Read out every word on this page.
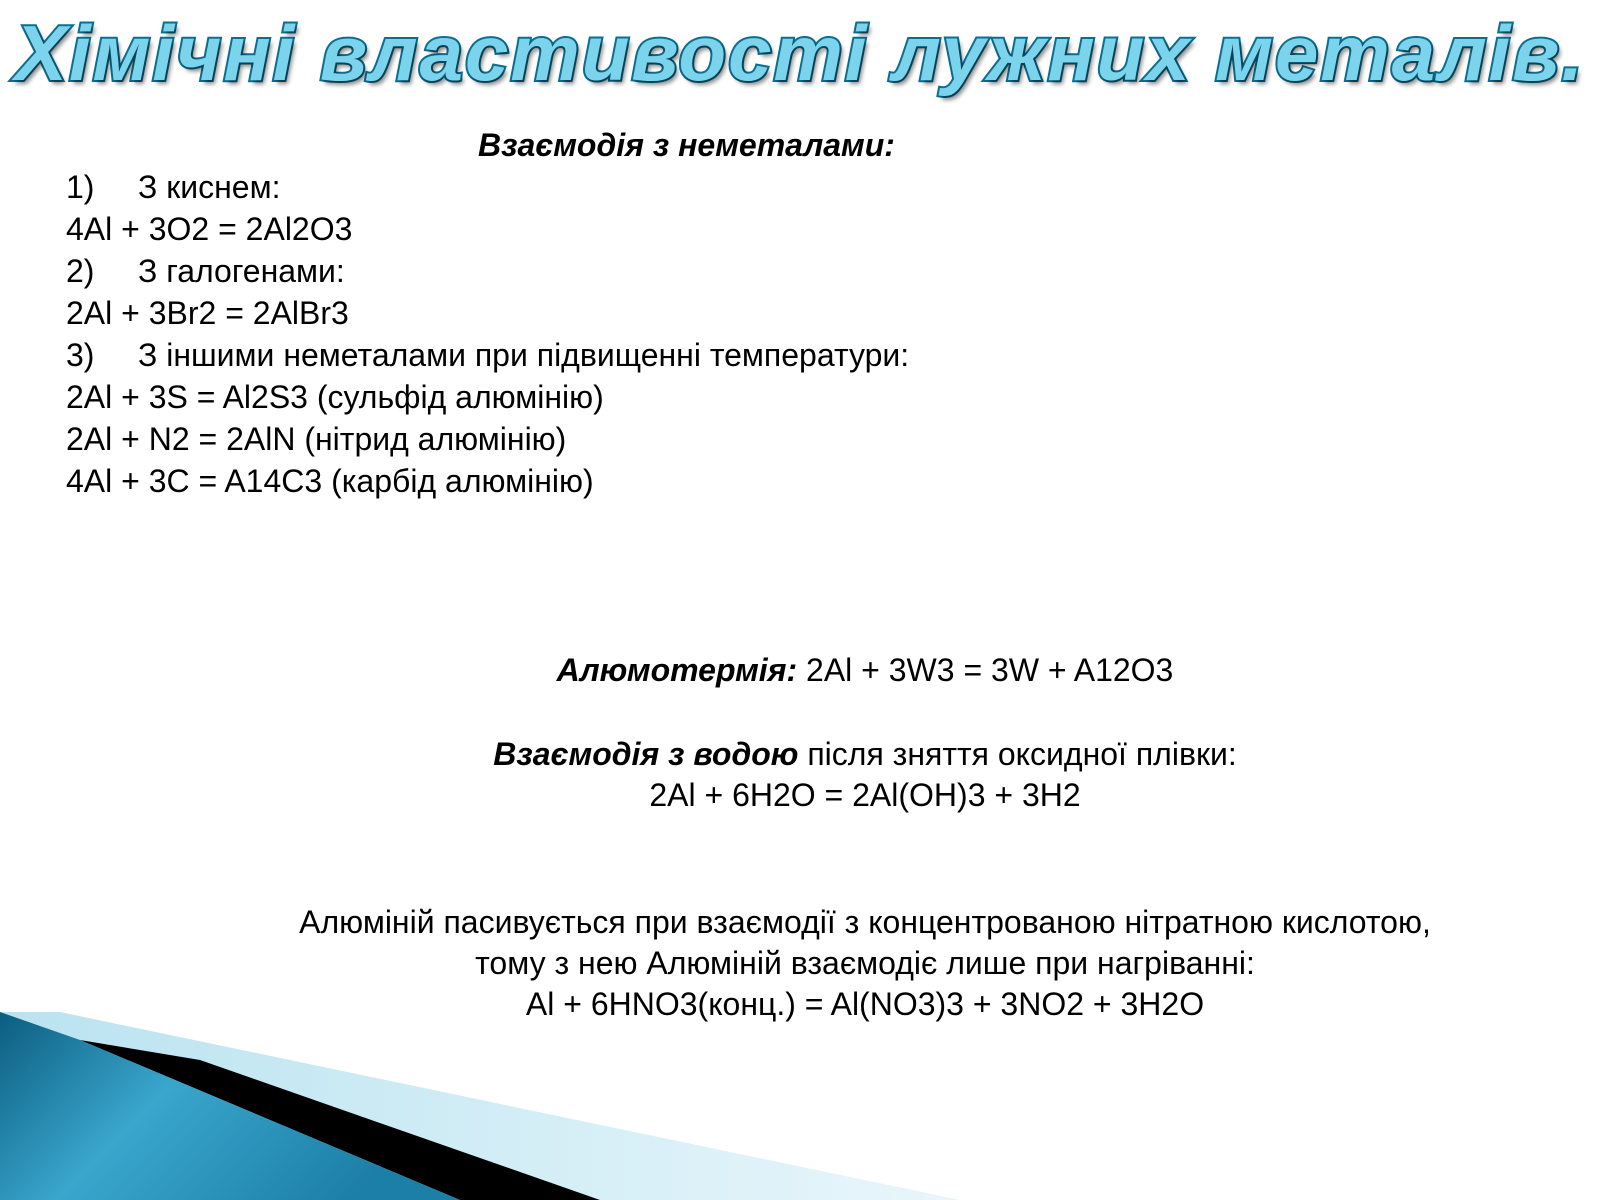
Хімічні властивості лужних металів.
Взаємодія з неметалами:
1) З киснем:
4Al + 3O2 = 2Al2O3
2) З галогенами:
2Al + 3Br2 = 2AlBr3
3) З іншими неметалами при підвищенні температури:
2Al + 3S = Al2S3 (сульфід алюмінію)
2Al + N2 = 2AlN (нітрид алюмінію)
4Al + 3C = A14C3 (карбід алюмінію)
Алюмотермія: 2Al + 3W3 = 3W + A12O3
Взаємодія з водою після зняття оксидної плівки:
2Al + 6H2O = 2Al(OH)3 + 3H2
Алюміній пасивується при взаємодії з концентрованою нітратною кислотою,
тому з нею Алюміній взаємодіє лише при нагріванні:
Al + 6HNO3(конц.) = Al(NO3)3 + 3NO2 + 3H2O
